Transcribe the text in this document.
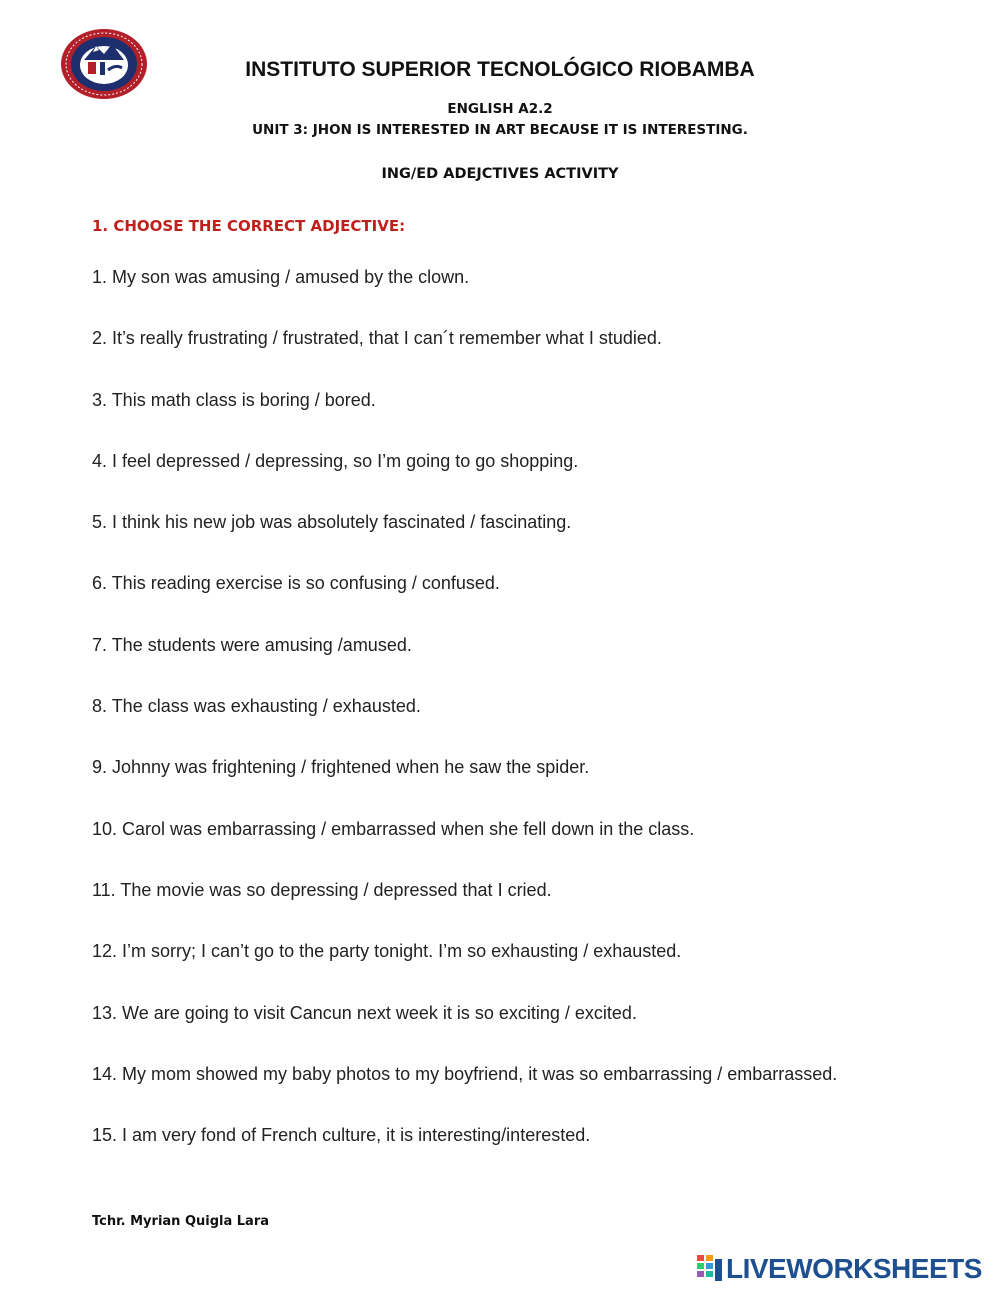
INSTITUTO SUPERIOR TECNOLÓGICO RIOBAMBA
ENGLISH A2.2
UNIT 3: JHON IS INTERESTED IN ART BECAUSE IT IS INTERESTING.
ING/ED ADEJCTIVES ACTIVITY
1. CHOOSE THE CORRECT ADJECTIVE:
1. My son was amusing / amused by the clown.
2. It’s really frustrating / frustrated, that I can´t remember what I studied.
3. This math class is boring / bored.
4. I feel depressed / depressing, so I’m going to go shopping.
5. I think his new job was absolutely fascinated / fascinating.
6. This reading exercise is so confusing / confused.
7. The students were amusing /amused.
8. The class was exhausting / exhausted.
9. Johnny was frightening / frightened when he saw the spider.
10. Carol was embarrassing / embarrassed when she fell down in the class.
11. The movie was so depressing / depressed that I cried.
12. I’m sorry; I can’t go to the party tonight. I’m so exhausting / exhausted.
13. We are going to visit Cancun next week it is so exciting / excited.
14. My mom showed my baby photos to my boyfriend, it was so embarrassing / embarrassed.
15. I am very fond of French culture, it is interesting/interested.
Tchr. Myrian Quigla Lara
LIVEWORKSHEETS
